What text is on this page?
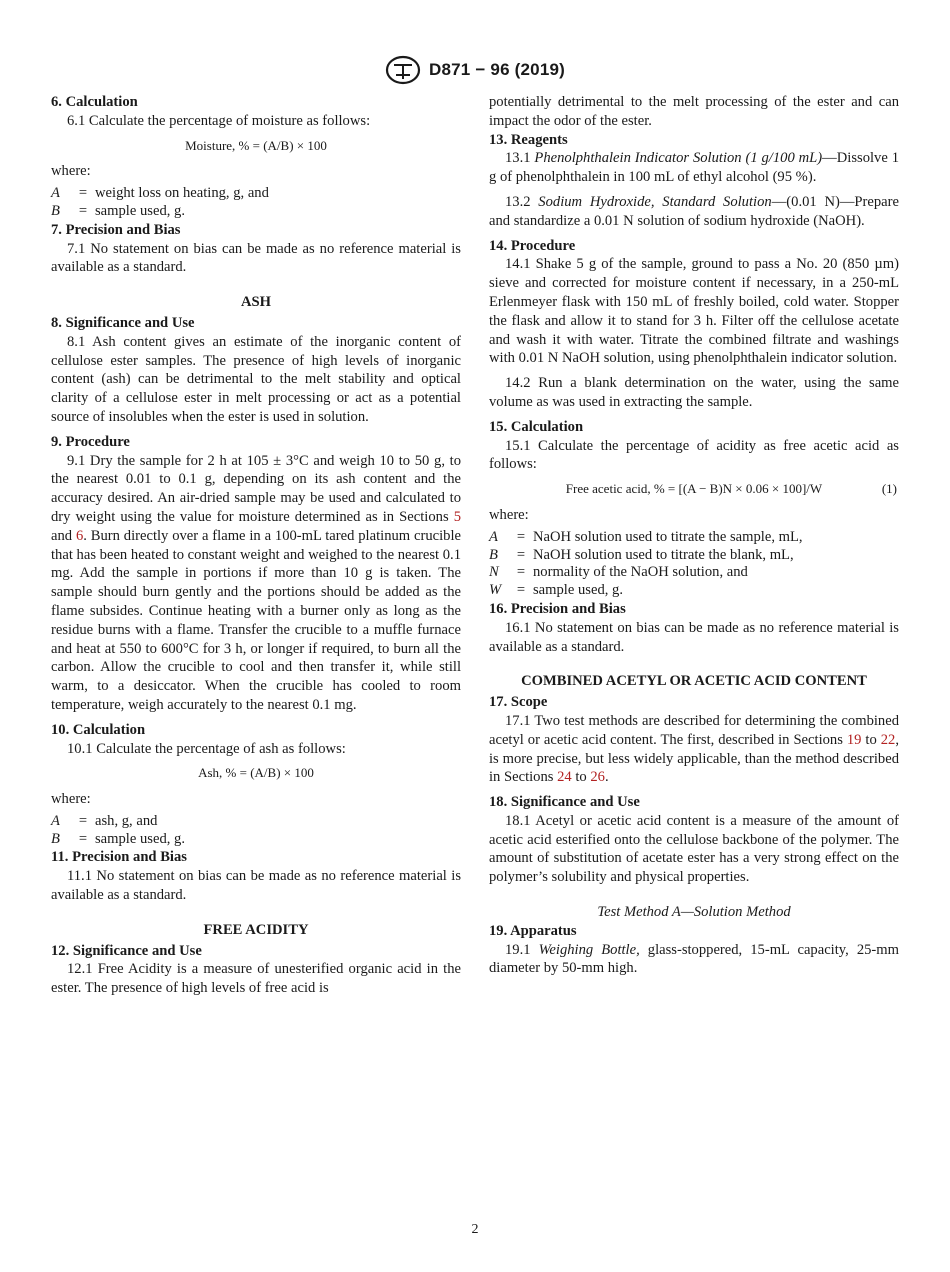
D871 − 96 (2019)

6. Calculation

6.1 Calculate the percentage of moisture as follows:

Moisture, % = (A/B) × 100

where:

A	= weight loss on heating, g, and
B	= sample used, g.

7. Precision and Bias

7.1 No statement on bias can be made as no reference material is available as a standard.

ASH

8. Significance and Use

8.1 Ash content gives an estimate of the inorganic content of cellulose ester samples. The presence of high levels of inorganic content (ash) can be detrimental to the melt stability and optical clarity of a cellulose ester in melt processing or act as a potential source of insolubles when the ester is used in solution.

9. Procedure

9.1 Dry the sample for 2 h at 105 ± 3°C and weigh 10 to 50 g, to the nearest 0.01 to 0.1 g, depending on its ash content and the accuracy desired. An air-dried sample may be used and calculated to dry weight using the value for moisture determined as in Sections 5 and 6. Burn directly over a flame in a 100-mL tared platinum crucible that has been heated to constant weight and weighed to the nearest 0.1 mg. Add the sample in portions if more than 10 g is taken. The sample should burn gently and the portions should be added as the flame subsides. Continue heating with a burner only as long as the residue burns with a flame. Transfer the crucible to a muffle furnace and heat at 550 to 600°C for 3 h, or longer if required, to burn all the carbon. Allow the crucible to cool and then transfer it, while still warm, to a desiccator. When the crucible has cooled to room temperature, weigh accurately to the nearest 0.1 mg.

10. Calculation

10.1 Calculate the percentage of ash as follows:

Ash, % = (A/B) × 100

where:

A	= ash, g, and
B	= sample used, g.

11. Precision and Bias

11.1 No statement on bias can be made as no reference material is available as a standard.

FREE ACIDITY

12. Significance and Use

12.1 Free Acidity is a measure of unesterified organic acid in the ester. The presence of high levels of free acid is

potentially detrimental to the melt processing of the ester and can impact the odor of the ester.

13. Reagents

13.1 Phenolphthalein Indicator Solution (1 g/100 mL)—Dissolve 1 g of phenolphthalein in 100 mL of ethyl alcohol (95 %).

13.2 Sodium Hydroxide, Standard Solution—(0.01 N)—Prepare and standardize a 0.01 N solution of sodium hydroxide (NaOH).

14. Procedure

14.1 Shake 5 g of the sample, ground to pass a No. 20 (850 µm) sieve and corrected for moisture content if necessary, in a 250-mL Erlenmeyer flask with 150 mL of freshly boiled, cold water. Stopper the flask and allow it to stand for 3 h. Filter off the cellulose acetate and wash it with water. Titrate the combined filtrate and washings with 0.01 N NaOH solution, using phenolphthalein indicator solution.

14.2 Run a blank determination on the water, using the same volume as was used in extracting the sample.

15. Calculation

15.1 Calculate the percentage of acidity as free acetic acid as follows:

Free acetic acid, % = [(A − B)N × 0.06 × 100]/W	(1)

where:

A	= NaOH solution used to titrate the sample, mL,
B	= NaOH solution used to titrate the blank, mL,
N	= normality of the NaOH solution, and
W	= sample used, g.

16. Precision and Bias

16.1 No statement on bias can be made as no reference material is available as a standard.

COMBINED ACETYL OR ACETIC ACID CONTENT

17. Scope

17.1 Two test methods are described for determining the combined acetyl or acetic acid content. The first, described in Sections 19 to 22, is more precise, but less widely applicable, than the method described in Sections 24 to 26.

18. Significance and Use

18.1 Acetyl or acetic acid content is a measure of the amount of acetic acid esterified onto the cellulose backbone of the polymer. The amount of substitution of acetate ester has a very strong effect on the polymer’s solubility and physical properties.

Test Method A—Solution Method

19. Apparatus

19.1 Weighing Bottle, glass-stoppered, 15-mL capacity, 25-mm diameter by 50-mm high.

2
